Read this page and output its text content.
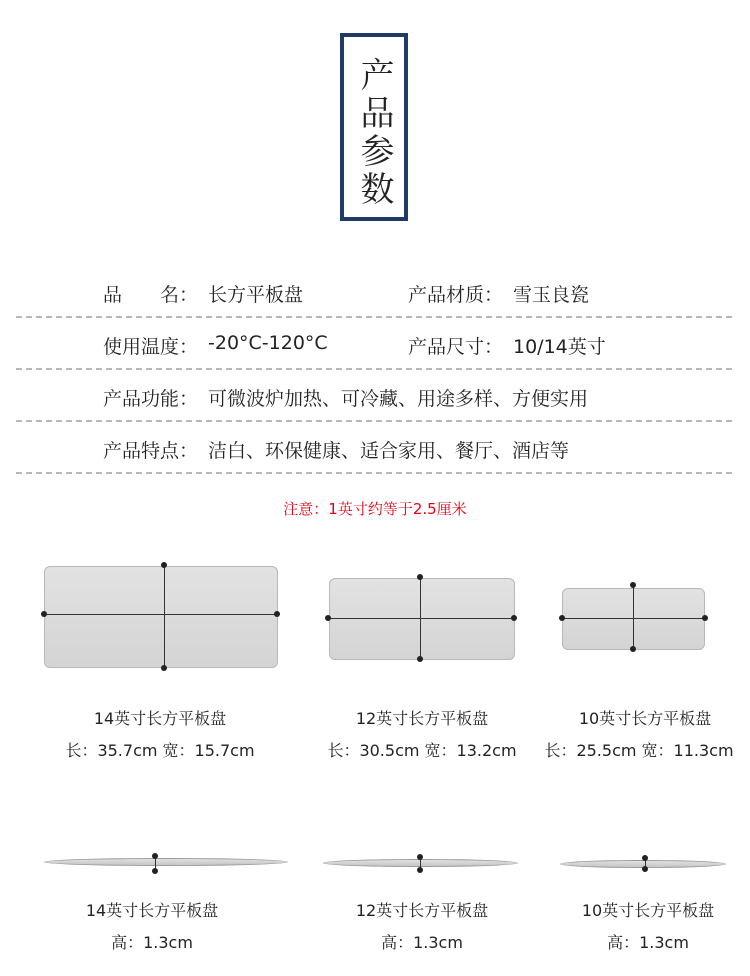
产品参数
品　　名： 长方平板盘	产品材质： 雪玉良瓷
使用温度： -20°C-120°C	产品尺寸： 10/14英寸
产品功能： 可微波炉加热、可冷藏、用途多样、方便实用
产品特点： 洁白、环保健康、适合家用、餐厅、酒店等
注意：1英寸约等于2.5厘米
14英寸长方平板盘
长：35.7cm 宽：15.7cm
12英寸长方平板盘
长：30.5cm 宽：13.2cm
10英寸长方平板盘
长：25.5cm 宽：11.3cm
14英寸长方平板盘
高：1.3cm
12英寸长方平板盘
高：1.3cm
10英寸长方平板盘
高：1.3cm
